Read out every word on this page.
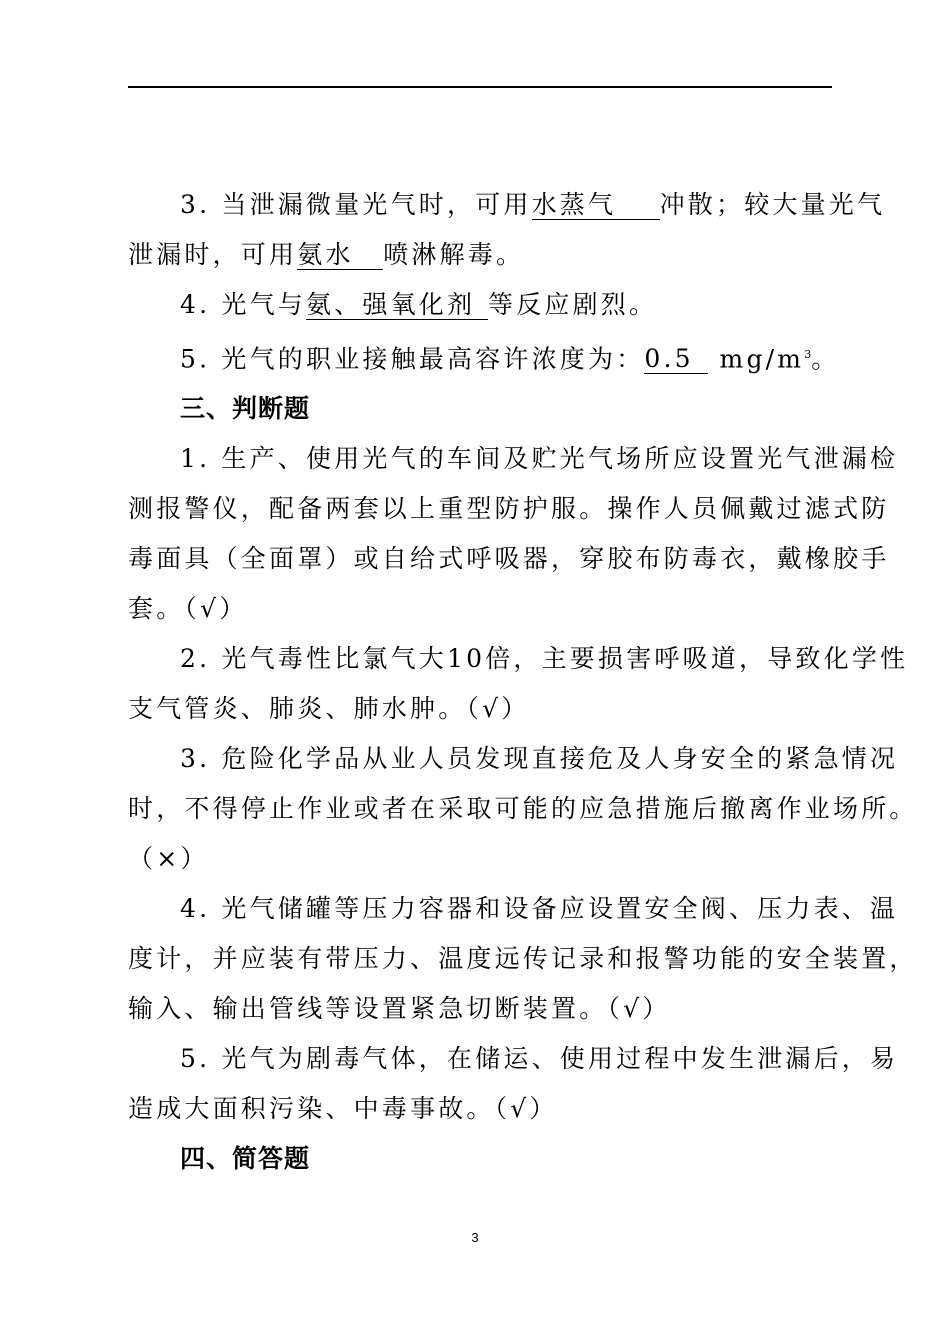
3. 当泄漏微量光气时，可用水蒸气 冲散；较大量光气

泄漏时，可用氨水 喷淋解毒。

4. 光气与氨、强氧化剂 等反应剧烈。

5. 光气的职业接触最高容许浓度为：0.5 $mg/m^3$。

三、判断题

1. 生产、使用光气的车间及贮光气场所应设置光气泄漏检

测报警仪，配备两套以上重型防护服。操作人员佩戴过滤式防

毒面具（全面罩）或自给式呼吸器，穿胶布防毒衣，戴橡胶手

套。（√）

2. 光气毒性比氯气大10倍，主要损害呼吸道，导致化学性

支气管炎、肺炎、肺水肿。（√）

3. 危险化学品从业人员发现直接危及人身安全的紧急情况

时，不得停止作业或者在采取可能的应急措施后撤离作业场所。

（×）

4. 光气储罐等压力容器和设备应设置安全阀、压力表、温

度计，并应装有带压力、温度远传记录和报警功能的安全装置，

输入、输出管线等设置紧急切断装置。（√）

5. 光气为剧毒气体，在储运、使用过程中发生泄漏后，易

造成大面积污染、中毒事故。（√）

四、简答题

3
